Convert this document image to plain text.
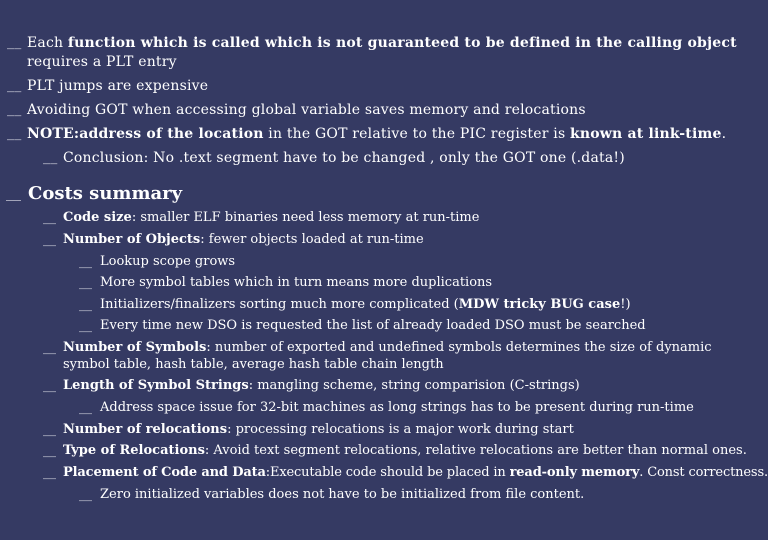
__ Each function which is called which is not guaranteed to be defined in the calling object
requires a PLT entry
__ PLT jumps are expensive
__ Avoiding GOT when accessing global variable saves memory and relocations
__ NOTE:address of the location in the GOT relative to the PIC register is known at link-time.
__ Conclusion: No .text segment have to be changed , only the GOT one (.data!)
__ Costs summary
__ Code size: smaller ELF binaries need less memory at run-time
__ Number of Objects: fewer objects loaded at run-time
__ Lookup scope grows
__ More symbol tables which in turn means more duplications
__ Initializers/finalizers sorting much more complicated (MDW tricky BUG case!)
__ Every time new DSO is requested the list of already loaded DSO must be searched
__ Number of Symbols: number of exported and undefined symbols determines the size of dynamic
symbol table, hash table, average hash table chain length
__ Length of Symbol Strings: mangling scheme, string comparision (C-strings)
__ Address space issue for 32-bit machines as long strings has to be present during run-time
__ Number of relocations: processing relocations is a major work during start
__ Type of Relocations: Avoid text segment relocations, relative relocations are better than normal ones.
__ Placement of Code and Data:Executable code should be placed in read-only memory. Const correctness.
__ Zero initialized variables does not have to be initialized from file content.
